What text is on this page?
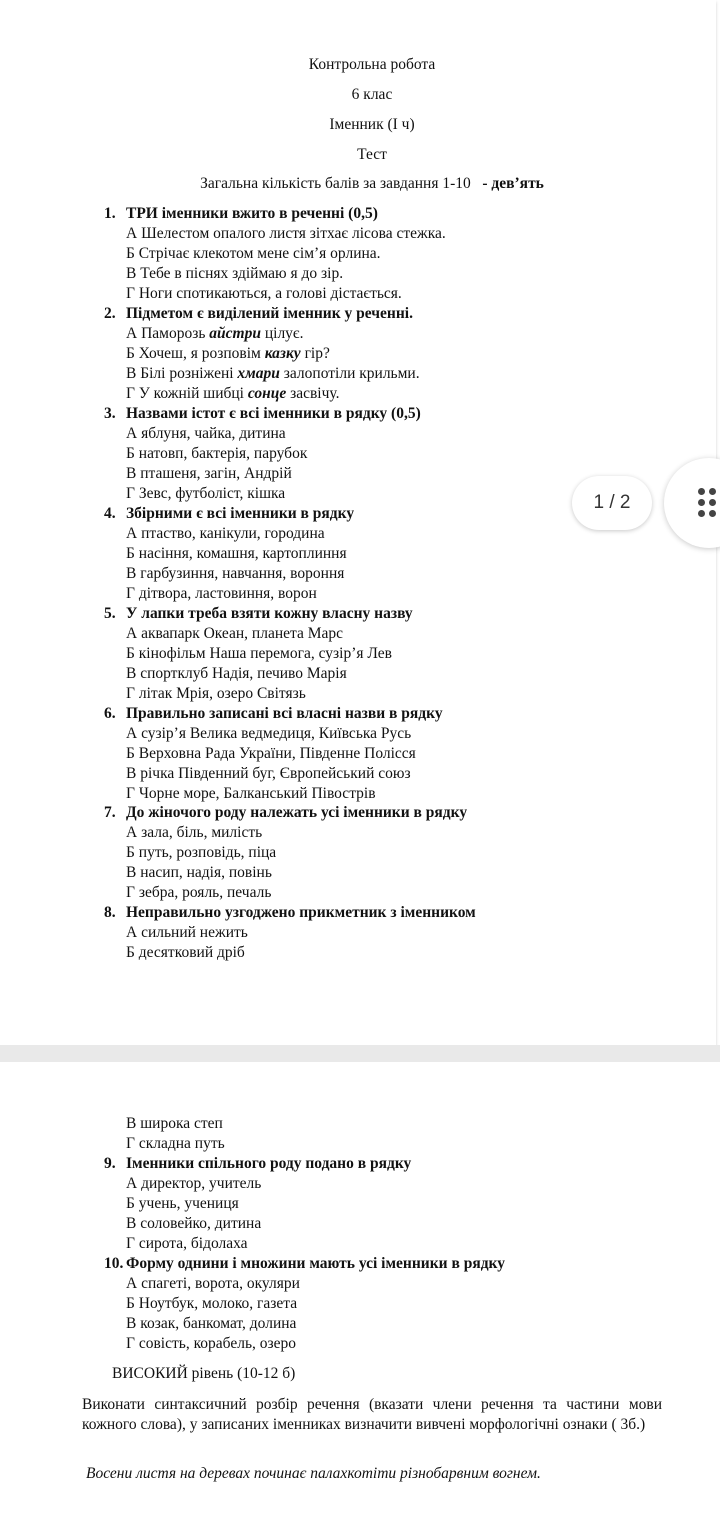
Контрольна робота
6 клас
Іменник (І ч)
Тест
Загальна кількість балів за завдання 1-10   - дев’ять
1. ТРИ іменники вжито в реченні (0,5)
А Шелестом опалого листя зітхає лісова стежка.
Б Стрічає клекотом мене сім’я орлина.
В Тебе в піснях здіймаю я до зір.
Г Ноги спотикаються, а голові дістається.
2. Підметом є виділений іменник у реченні.
А Паморозь айстри цілує.
Б Хочеш, я розповім казку гір?
В Білі розніжені хмари залопотіли крильми.
Г У кожній шибці сонце засвічу.
3. Назвами істот є всі іменники в рядку (0,5)
А яблуня, чайка, дитина
Б натовп, бактерія, парубок
В пташеня, загін, Андрій
Г Зевс, футболіст, кішка
4. Збірними є всі іменники в рядку
А птаство, канікули, городина
Б насіння, комашня, картоплиння
В гарбузиння, навчання, вороння
Г дітвора, ластовиння, ворон
5. У лапки треба взяти кожну власну назву
А аквапарк Океан, планета Марс
Б кінофільм Наша перемога, сузір’я Лев
В спортклуб Надія, печиво Марія
Г літак Мрія, озеро Світязь
6. Правильно записані всі власні назви в рядку
А сузір’я Велика ведмедиця, Київська Русь
Б Верховна Рада України, Південне Полісся
В річка Південний буг, Європейський союз
Г Чорне море, Балканський Півострів
7. До жіночого роду належать усі іменники в рядку
А зала, біль, милість
Б путь, розповідь, піца
В насип, надія, повінь
Г зебра, рояль, печаль
8. Неправильно узгоджено прикметник з іменником
А сильний нежить
Б десятковий дріб
В широка степ
Г складна путь
9. Іменники спільного роду подано в рядку
А директор, учитель
Б учень, учениця
В соловейко, дитина
Г сирота, бідолаха
10. Форму однини і множини мають усі іменники в рядку
А спагеті, ворота, окуляри
Б Ноутбук, молоко, газета
В козак, банкомат, долина
Г совість, корабель, озеро
ВИСОКИЙ рівень (10-12 б)
Виконати синтаксичний розбір речення (вказати члени речення та частини мови кожного слова), у записаних іменниках визначити вивчені морфологічні ознаки ( 3б.)
Восени листя на деревах починає палахкотіти різнобарвним вогнем.
1 / 2
